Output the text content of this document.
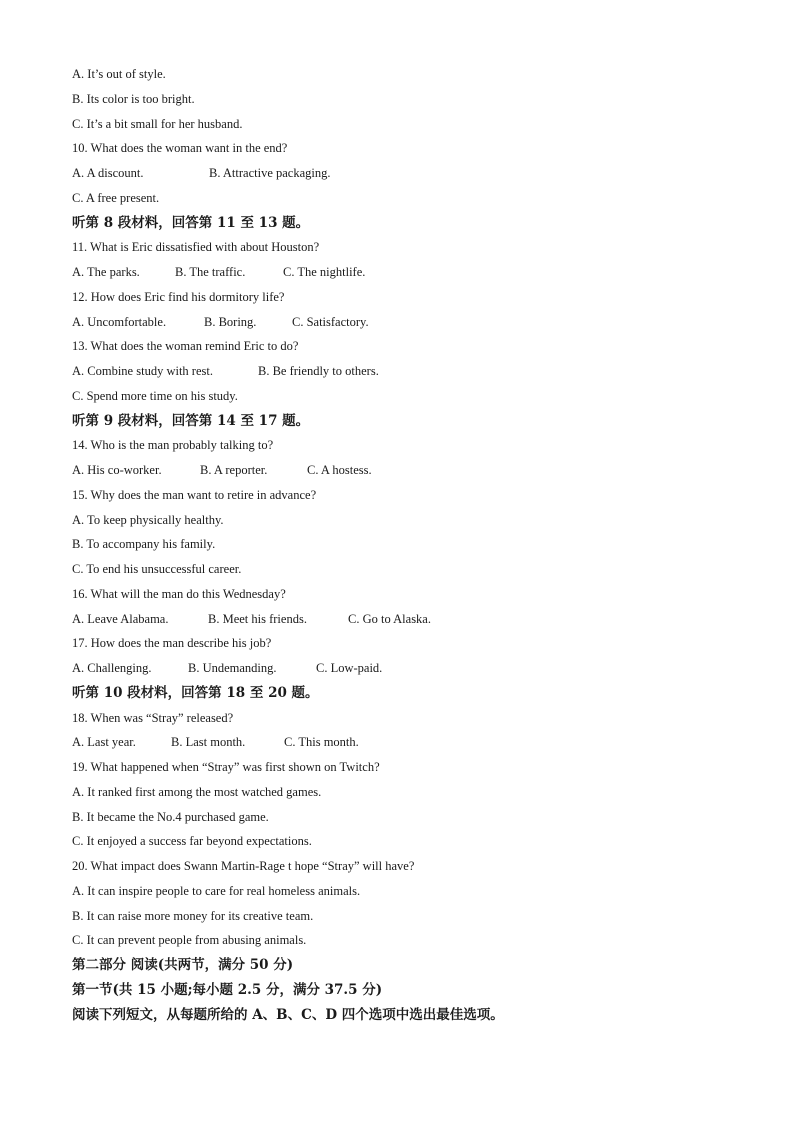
A. It’s out of style.
B. Its color is too bright.
C. It’s a bit small for her husband.
10. What does the woman want in the end?
A. A discount.	B. Attractive packaging.
C. A free present.
听第 8 段材料，回答第 11 至 13 题。
11. What is Eric dissatisfied with about Houston?
A. The parks.	B. The traffic.	C. The nightlife.
12. How does Eric find his dormitory life?
A. Uncomfortable.	B. Boring.	C. Satisfactory.
13. What does the woman remind Eric to do?
A. Combine study with rest.	B. Be friendly to others.
C. Spend more time on his study.
听第 9 段材料，回答第 14 至 17 题。
14. Who is the man probably talking to?
A. His co-worker.	B. A reporter.	C. A hostess.
15. Why does the man want to retire in advance?
A. To keep physically healthy.
B. To accompany his family.
C. To end his unsuccessful career.
16. What will the man do this Wednesday?
A. Leave Alabama.	B. Meet his friends.	C. Go to Alaska.
17. How does the man describe his job?
A. Challenging.	B. Undemanding.	C. Low-paid.
听第 10 段材料，回答第 18 至 20 题。
18. When was “Stray” released?
A. Last year.	B. Last month.	C. This month.
19. What happened when “Stray” was first shown on Twitch?
A. It ranked first among the most watched games.
B. It became the No.4 purchased game.
C. It enjoyed a success far beyond expectations.
20. What impact does Swann Martin-Rage t hope “Stray” will have?
A. It can inspire people to care for real homeless animals.
B. It can raise more money for its creative team.
C. It can prevent people from abusing animals.
第二部分 阅读(共两节，满分 50 分)
第一节(共 15 小题;每小题 2.5 分，满分 37.5 分)
阅读下列短文，从每题所给的 A、B、C、D 四个选项中选出最佳选项。
